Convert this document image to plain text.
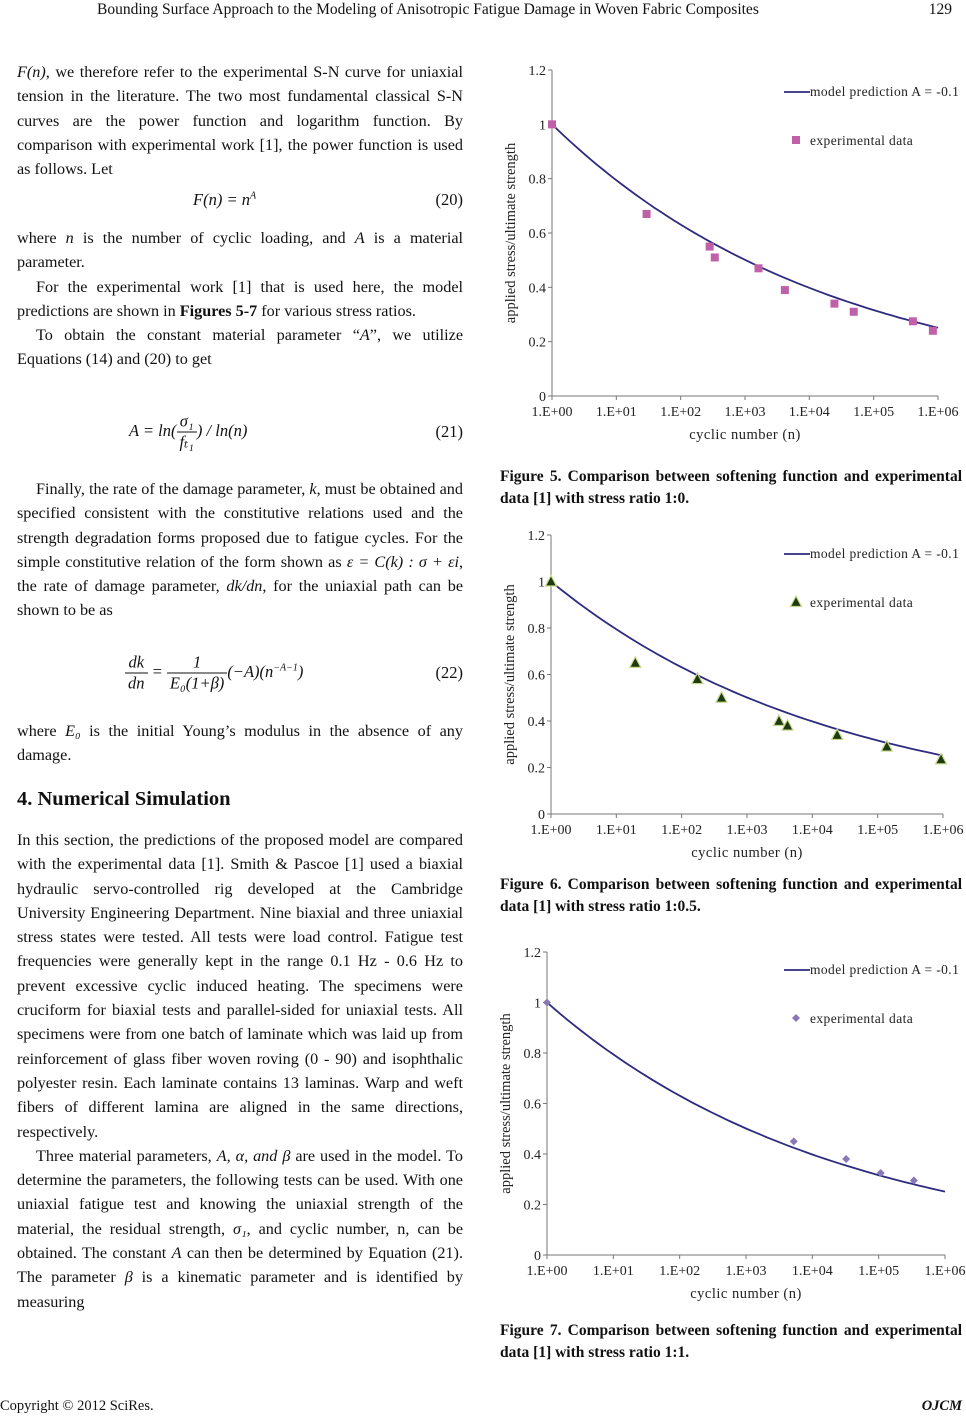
Bounding Surface Approach to the Modeling of Anisotropic Fatigue Damage in Woven Fabric Composites	129

F(n), we therefore refer to the experimental S-N curve for uniaxial tension in the literature. The two most fundamental classical S-N curves are the power function and logarithm function. By comparison with experimental work [1], the power function is used as follows. Let

$F(n) = n^A$	(20)

where n is the number of cyclic loading, and A is a material parameter.

For the experimental work [1] that is used here, the model predictions are shown in Figures 5-7 for various stress ratios.

To obtain the constant material parameter “A”, we utilize Equations (14) and (20) to get

$A = \ln( \frac{\text{σ₁}}{\text{fₜ₁}}$ ) / ln(n)	(21)

Finally, the rate of the damage parameter, k, must be obtained and specified consistent with the constitutive relations used and the strength degradation forms proposed due to fatigue cycles. For the simple constitutive relation of the form shown as ε = C(k) : σ + εi, the rate of damage parameter, dk/dn, for the uniaxial path can be shown to be as

$\frac{dk}{dn} = \frac{1}{\text{E₀(1+β)}} (-A)(n^{-A-1})$	(22)

where E₀ is the initial Young’s modulus in the absence of any damage.

4. Numerical Simulation

In this section, the predictions of the proposed model are compared with the experimental data [1]. Smith & Pascoe [1] used a biaxial hydraulic servo-controlled rig developed at the Cambridge University Engineering Department. Nine biaxial and three uniaxial stress states were tested. All tests were load control. Fatigue test frequencies were generally kept in the range 0.1 Hz - 0.6 Hz to prevent excessive cyclic induced heating. The specimens were cruciform for biaxial tests and parallel-sided for uniaxial tests. All specimens were from one batch of laminate which was laid up from reinforcement of glass fiber woven roving (0 - 90) and isophthalic polyester resin. Each laminate contains 13 laminas. Warp and weft fibers of different lamina are aligned in the same directions, respectively.

Three material parameters, A, α, and β are used in the model. To determine the parameters, the following tests can be used. With one uniaxial fatigue test and knowing the uniaxial strength of the material, the residual strength, σ₁, and cyclic number, n, can be obtained. The constant A can then be determined by Equation (21). The parameter β is a kinematic parameter and is identified by measuring

0
0.2
0.4
0.6
0.8
1
1.2
1.E+00 1.E+01 1.E+02 1.E+03 1.E+04 1.E+05 1.E+06
cyclic number (n)
applied stress/ultimate strength
model prediction A = -0.1
experimental data
0
0.2
0.4
0.6
0.8
1
1.2
1.E+00 1.E+01 1.E+02 1.E+03 1.E+04 1.E+05 1.E+06
cyclic number (n)
applied stress/ultimate strength
model prediction A = -0.1
experimental data
0
0.2
0.4
0.6
0.8
1
1.2
1.E+00 1.E+01 1.E+02 1.E+03 1.E+04 1.E+05 1.E+06
cyclic number (n)
applied stress/ultimate strength
model prediction A = -0.1
experimental data
Figure 5. Comparison between softening function and experimental data [1] with stress ratio 1:0.
Figure 6. Comparison between softening function and experimental data [1] with stress ratio 1:0.5.
Figure 7. Comparison between softening function and experimental data [1] with stress ratio 1:1.
Copyright © 2012 SciRes.	OJCM
